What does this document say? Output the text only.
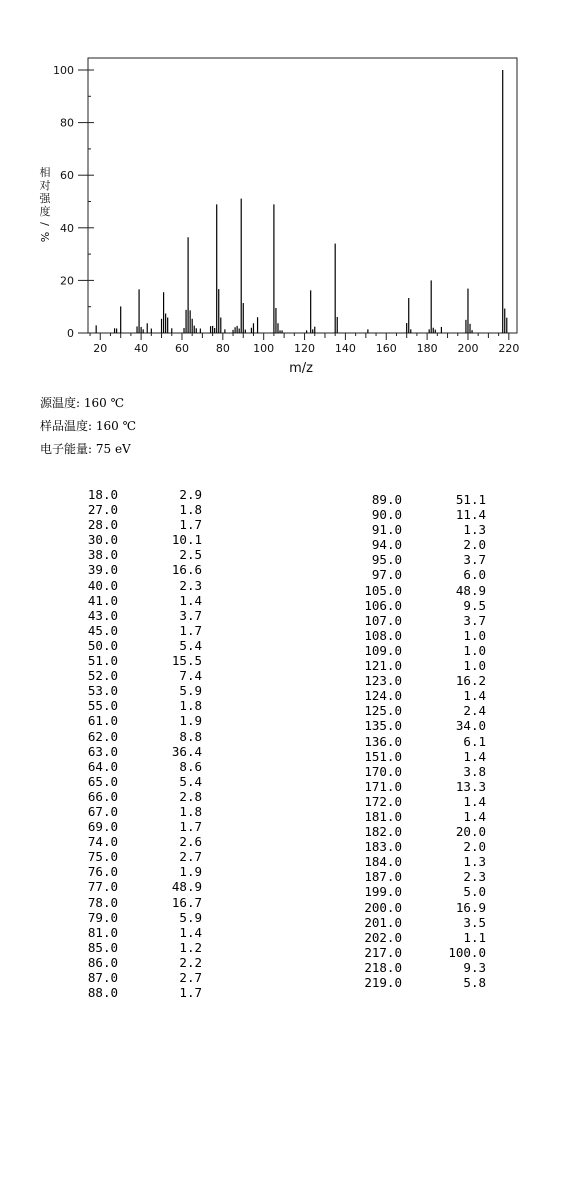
0
20
40
60
80
100
20 40 60 80 100 120 140 160 180 200 220
m/z
相
对
强
度
/
%
源温度: 160 ℃
样品温度: 160 ℃
电子能量: 75 eV
18.0	2.9
27.0	1.8
28.0	1.7
30.0	10.1
38.0	2.5
39.0	16.6
40.0	2.3
41.0	1.4
43.0	3.7
45.0	1.7
50.0	5.4
51.0	15.5
52.0	7.4
53.0	5.9
55.0	1.8
61.0	1.9
62.0	8.8
63.0	36.4
64.0	8.6
65.0	5.4
66.0	2.8
67.0	1.8
69.0	1.7
74.0	2.6
75.0	2.7
76.0	1.9
77.0	48.9
78.0	16.7
79.0	5.9
81.0	1.4
85.0	1.2
86.0	2.2
87.0	2.7
88.0	1.7
89.0	51.1
90.0	11.4
91.0	1.3
94.0	2.0
95.0	3.7
97.0	6.0
105.0	48.9
106.0	9.5
107.0	3.7
108.0	1.0
109.0	1.0
121.0	1.0
123.0	16.2
124.0	1.4
125.0	2.4
135.0	34.0
136.0	6.1
151.0	1.4
170.0	3.8
171.0	13.3
172.0	1.4
181.0	1.4
182.0	20.0
183.0	2.0
184.0	1.3
187.0	2.3
199.0	5.0
200.0	16.9
201.0	3.5
202.0	1.1
217.0	100.0
218.0	9.3
219.0	5.8
